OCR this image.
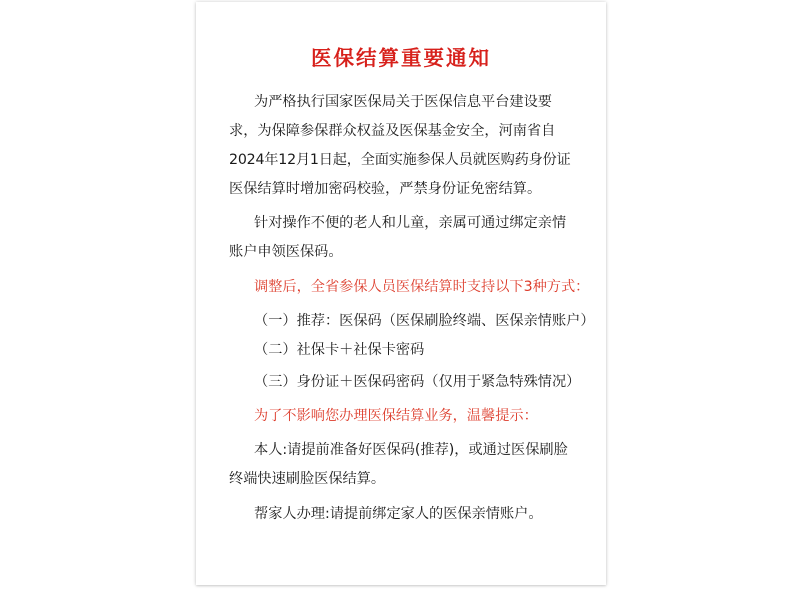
医保结算重要通知
为严格执行国家医保局关于医保信息平台建设要
求，为保障参保群众权益及医保基金安全，河南省自
2024年12月1日起，全面实施参保人员就医购药身份证
医保结算时增加密码校验，严禁身份证免密结算。
针对操作不便的老人和儿童，亲属可通过绑定亲情
账户申领医保码。
调整后，全省参保人员医保结算时支持以下3种方式：
（一）推荐：医保码（医保刷脸终端、医保亲情账户）
（二）社保卡＋社保卡密码
（三）身份证＋医保码密码（仅用于紧急特殊情况）
为了不影响您办理医保结算业务，温馨提示：
本人:请提前准备好医保码(推荐)，或通过医保刷脸
终端快速刷脸医保结算。
帮家人办理:请提前绑定家人的医保亲情账户。
